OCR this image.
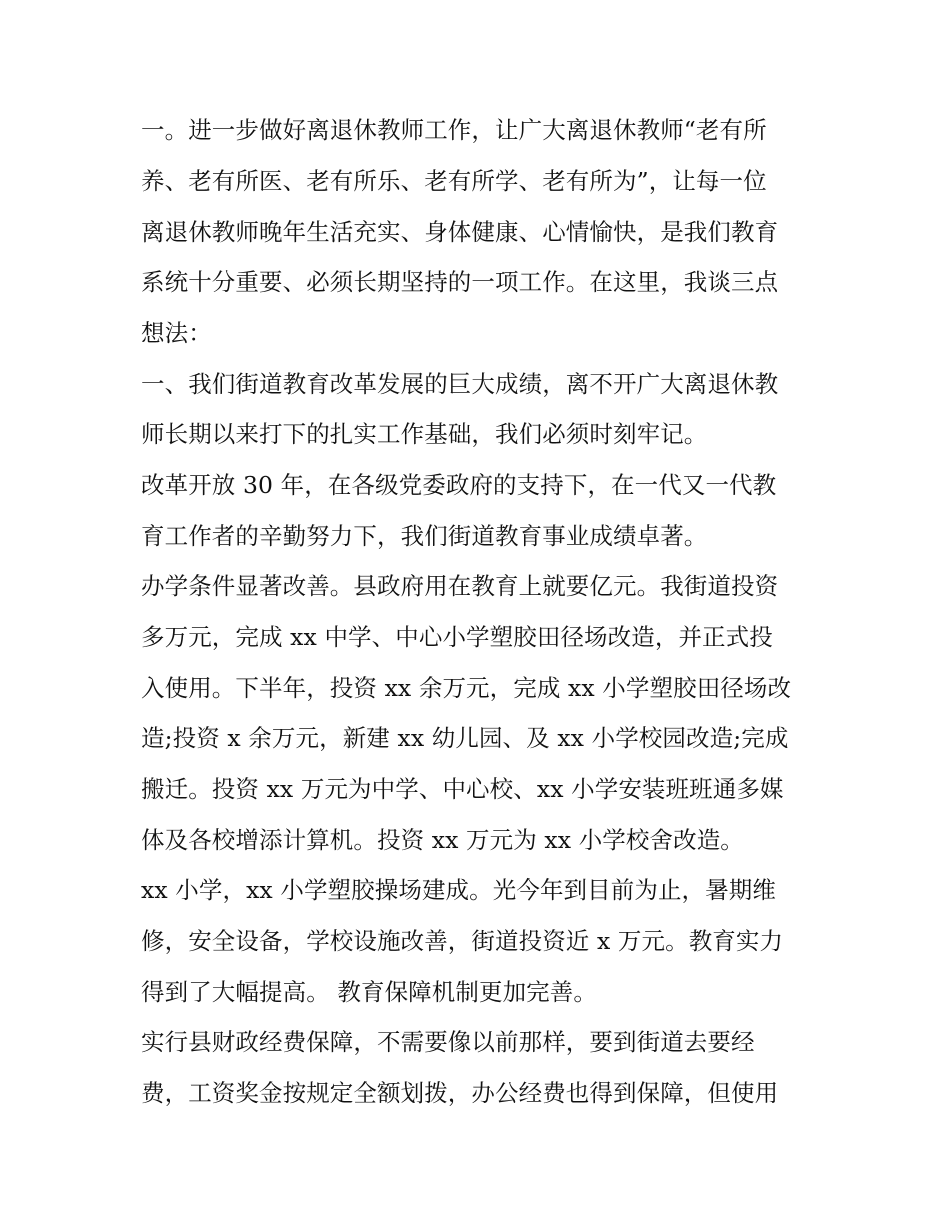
一。进一步做好离退休教师工作，让广大离退休教师“老有所
养、老有所医、老有所乐、老有所学、老有所为”，让每一位
离退休教师晚年生活充实、身体健康、心情愉快，是我们教育
系统十分重要、必须长期坚持的一项工作。在这里，我谈三点
想法：
一、我们街道教育改革发展的巨大成绩，离不开广大离退休教
师长期以来打下的扎实工作基础，我们必须时刻牢记。
改革开放 30 年，在各级党委政府的支持下，在一代又一代教
育工作者的辛勤努力下，我们街道教育事业成绩卓著。
办学条件显著改善。县政府用在教育上就要亿元。我街道投资
多万元，完成 xx 中学、中心小学塑胶田径场改造，并正式投
入使用。下半年，投资 xx 余万元，完成 xx 小学塑胶田径场改
造;投资 x 余万元，新建 xx 幼儿园、及 xx 小学校园改造;完成
搬迁。投资 xx 万元为中学、中心校、xx 小学安装班班通多媒
体及各校增添计算机。投资 xx 万元为 xx 小学校舍改造。
xx 小学，xx 小学塑胶操场建成。光今年到目前为止，暑期维
修，安全设备，学校设施改善，街道投资近 x 万元。教育实力
得到了大幅提高。 教育保障机制更加完善。
实行县财政经费保障，不需要像以前那样，要到街道去要经
费，工资奖金按规定全额划拨，办公经费也得到保障，但使用
